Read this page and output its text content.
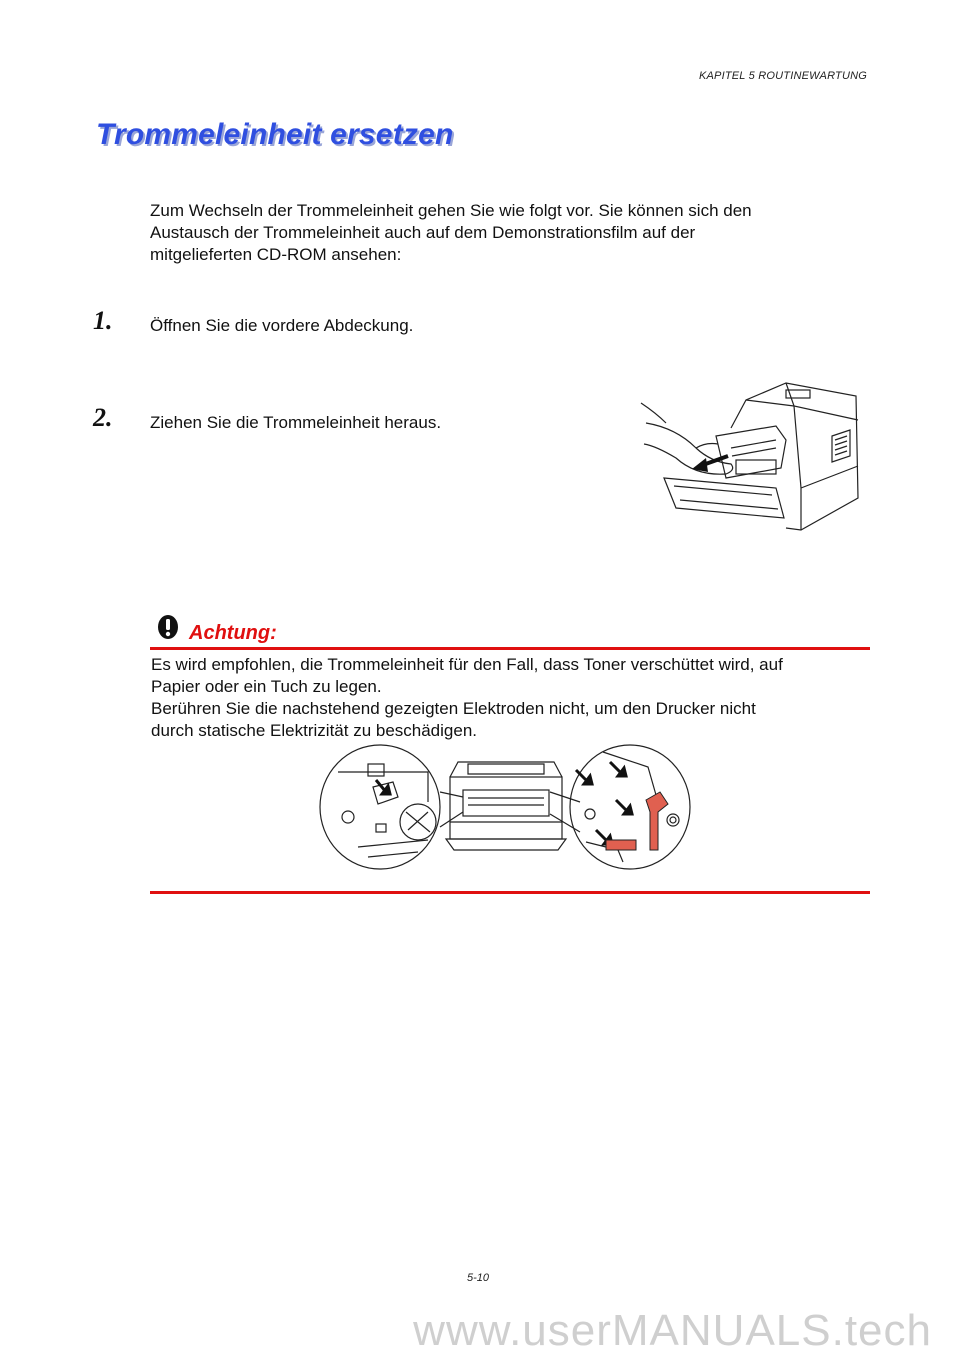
KAPITEL 5 ROUTINEWARTUNG
Trommeleinheit ersetzen
Zum Wechseln der Trommeleinheit gehen Sie wie folgt vor. Sie können sich den
Austausch der Trommeleinheit auch auf dem Demonstrationsfilm auf der
mitgelieferten CD-ROM ansehen:
1. Öffnen Sie die vordere Abdeckung.
2. Ziehen Sie die Trommeleinheit heraus.
Achtung:
Es wird empfohlen, die Trommeleinheit für den Fall, dass Toner verschüttet wird, auf
Papier oder ein Tuch zu legen.
Berühren Sie die nachstehend gezeigten Elektroden nicht, um den Drucker nicht
durch statische Elektrizität zu beschädigen.
5-10
www.userMANUALS.tech
